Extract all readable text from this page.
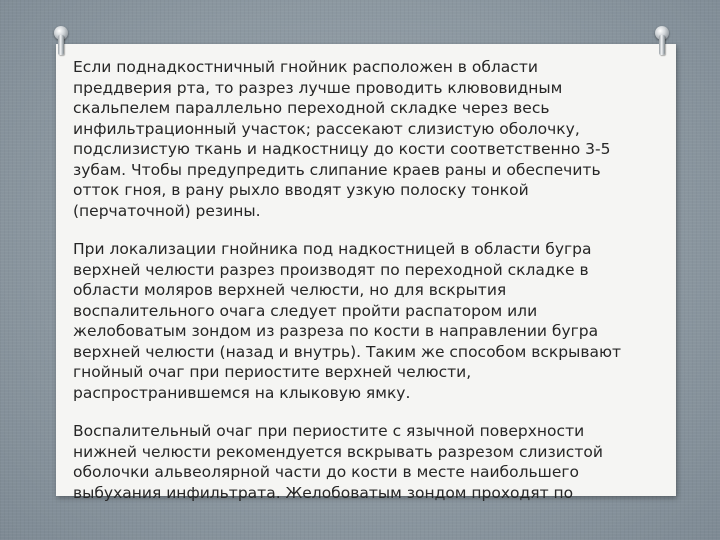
Если поднадкостничный гнойник расположен в области
преддверия рта, то разрез лучше проводить клювовидным
скальпелем параллельно переходной складке через весь
инфильтрационный участок; рассекают слизистую оболочку,
подслизистую ткань и надкостницу до кости соответственно 3-5
зубам. Чтобы предупредить слипание краев раны и обеспечить
отток гноя, в рану рыхло вводят узкую полоску тонкой
(перчаточной) резины.

При локализации гнойника под надкостницей в области бугра
верхней челюсти разрез производят по переходной складке в
области моляров верхней челюсти, но для вскрытия
воспалительного очага следует пройти распатором или
желобоватым зондом из разреза по кости в направлении бугра
верхней челюсти (назад и внутрь). Таким же способом вскрывают
гнойный очаг при периостите верхней челюсти,
распространившемся на клыковую ямку.

Воспалительный очаг при периостите с язычной поверхности
нижней челюсти рекомендуется вскрывать разрезом слизистой
оболочки альвеолярной части до кости в месте наибольшего
выбухания инфильтрата. Желобоватым зондом проходят по
